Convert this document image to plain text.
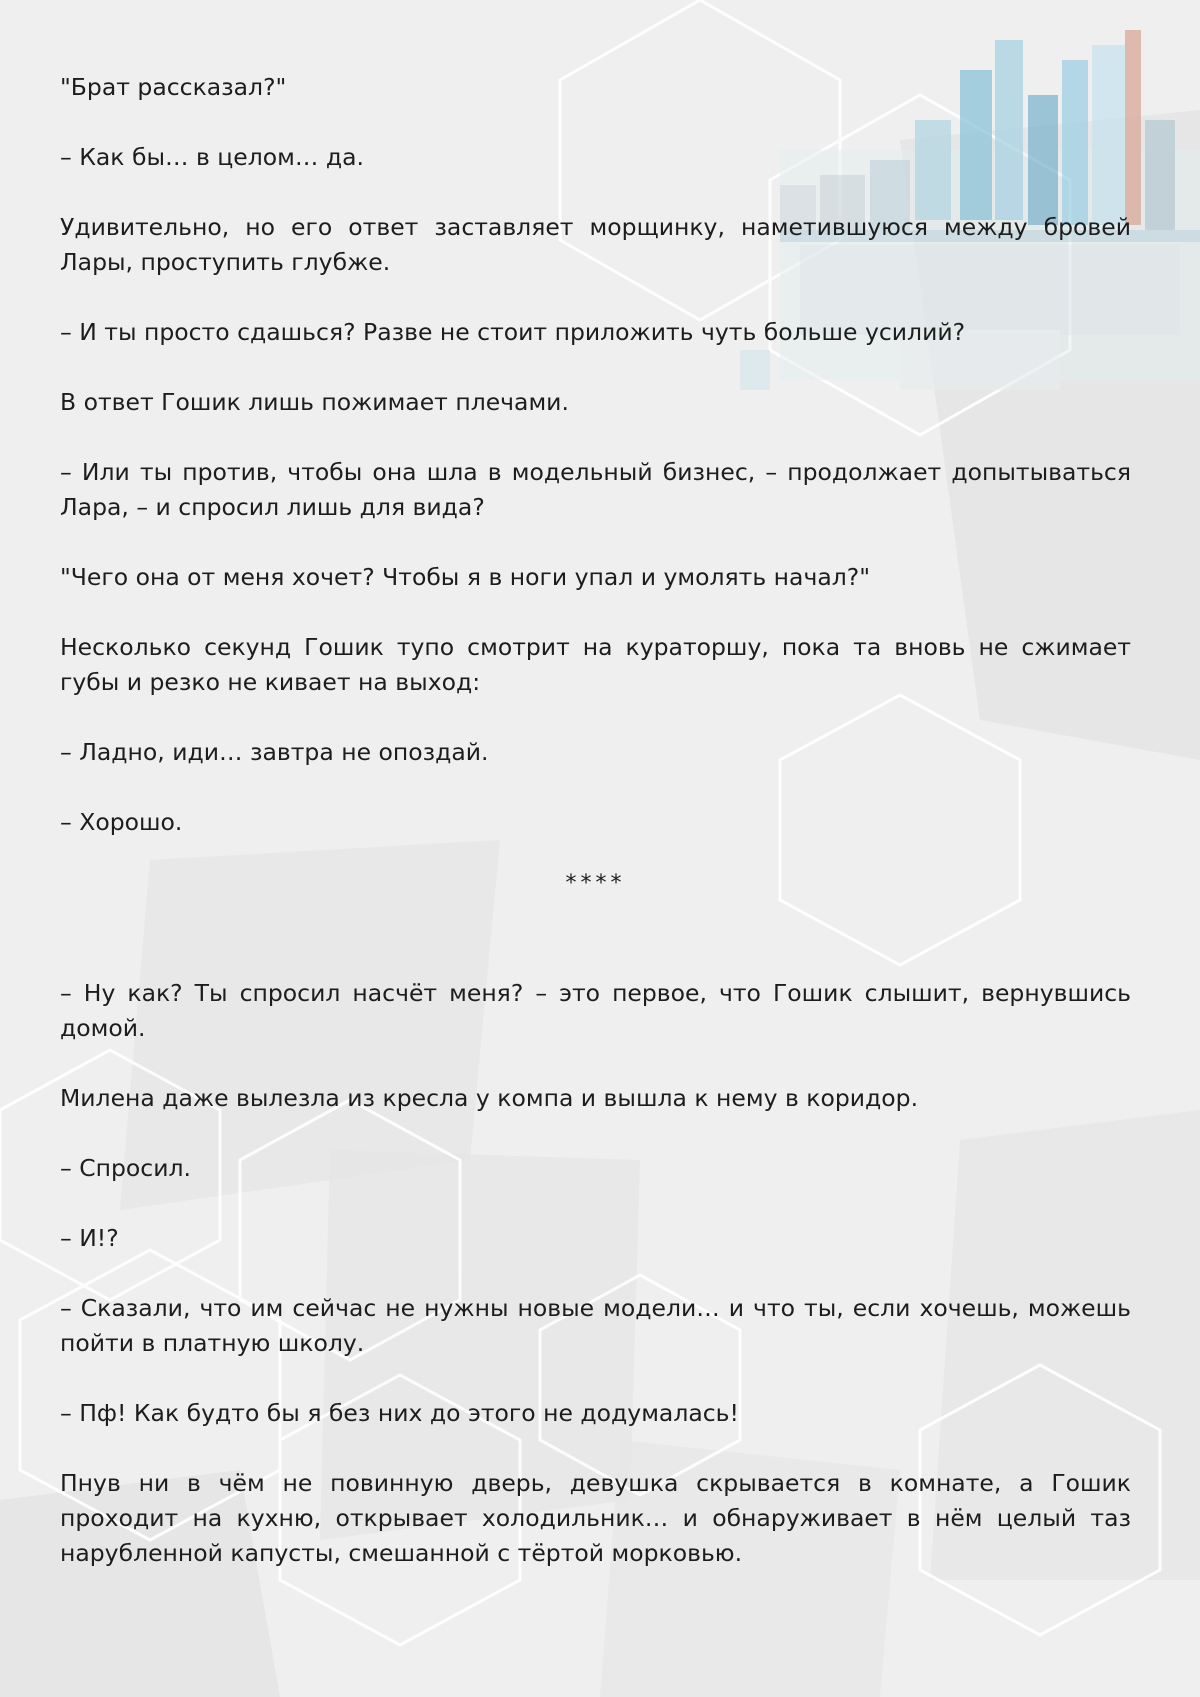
"Брат рассказал?"

– Как бы… в целом… да.

Удивительно, но его ответ заставляет морщинку, наметившуюся между бровей Лары, проступить глубже.

– И ты просто сдашься? Разве не стоит приложить чуть больше усилий?

В ответ Гошик лишь пожимает плечами.

– Или ты против, чтобы она шла в модельный бизнес, – продолжает допытываться Лара, – и спросил лишь для вида?

"Чего она от меня хочет? Чтобы я в ноги упал и умолять начал?"

Несколько секунд Гошик тупо смотрит на кураторшу, пока та вновь не сжимает губы и резко не кивает на выход:

– Ладно, иди… завтра не опоздай.

– Хорошо.

****

– Ну как? Ты спросил насчёт меня? – это первое, что Гошик слышит, вернувшись домой.

Милена даже вылезла из кресла у компа и вышла к нему в коридор.

– Спросил.

– И!?

– Сказали, что им сейчас не нужны новые модели… и что ты, если хочешь, можешь пойти в платную школу.

– Пф! Как будто бы я без них до этого не додумалась!

Пнув ни в чём не повинную дверь, девушка скрывается в комнате, а Гошик проходит на кухню, открывает холодильник… и обнаруживает в нём целый таз нарубленной капусты, смешанной с тёртой морковью.
